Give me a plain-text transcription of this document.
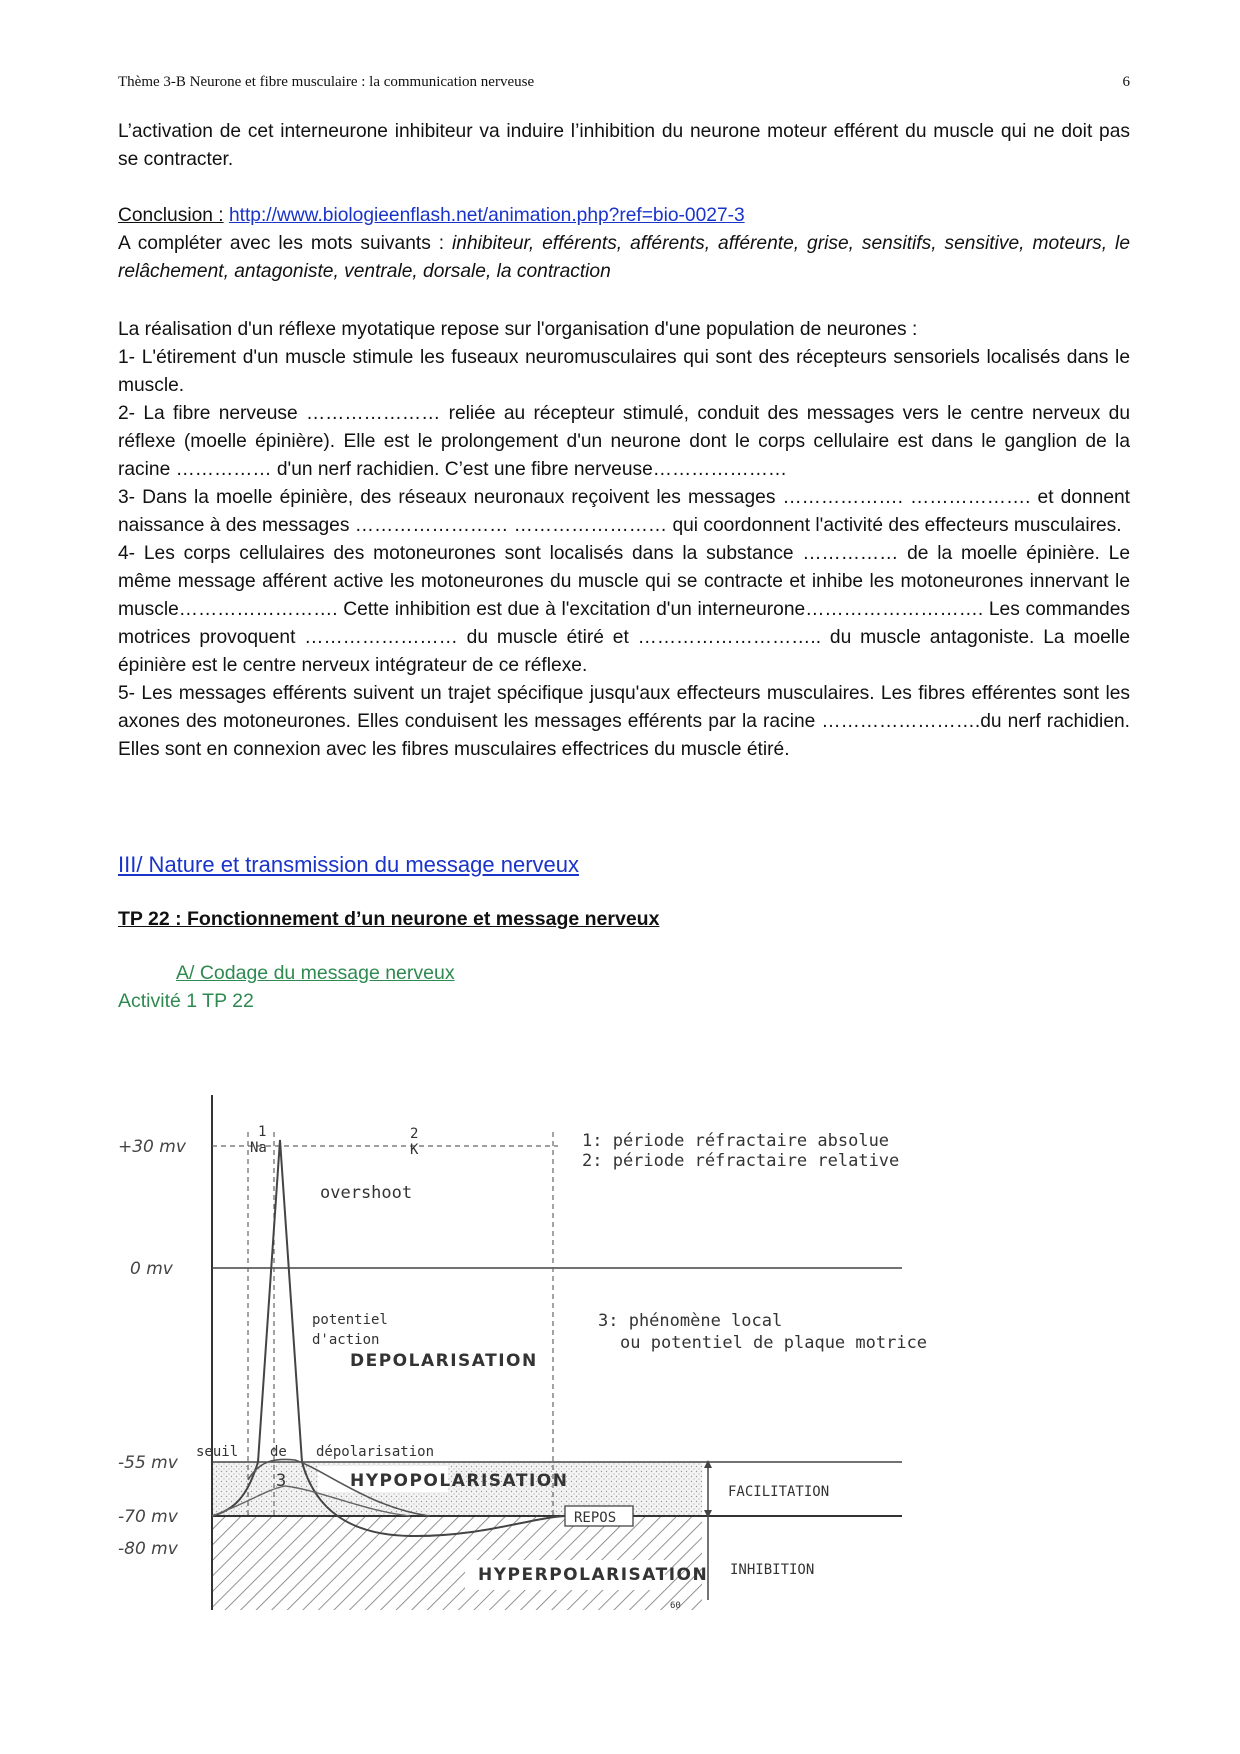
Thème 3-B Neurone et fibre musculaire : la communication nerveuse	6

L’activation de cet interneurone inhibiteur va induire l’inhibition du neurone moteur efférent du muscle qui ne doit pas se contracter.

Conclusion : http://www.biologieenflash.net/animation.php?ref=bio-0027-3

A compléter avec les mots suivants : inhibiteur, efférents, afférents, afférente, grise, sensitifs, sensitive, moteurs, le relâchement, antagoniste, ventrale, dorsale, la contraction

La réalisation d'un réflexe myotatique repose sur l'organisation d'une population de neurones :

1- L'étirement d'un muscle stimule les fuseaux neuromusculaires qui sont des récepteurs sensoriels localisés dans le muscle.

2- La fibre nerveuse ………………… reliée au récepteur stimulé, conduit des messages vers le centre nerveux du réflexe (moelle épinière). Elle est le prolongement d'un neurone dont le corps cellulaire est dans le ganglion de la racine …………… d'un nerf rachidien. C’est une fibre nerveuse…………………

3- Dans la moelle épinière, des réseaux neuronaux reçoivent les messages ………………. ………………. et donnent naissance à des messages …………………… …………………… qui coordonnent l'activité des effecteurs musculaires.

4- Les corps cellulaires des motoneurones sont localisés dans la substance …………… de la moelle épinière. Le même message afférent active les motoneurones du muscle qui se contracte et inhibe les motoneurones innervant le muscle……………………. Cette inhibition est due à l'excitation d'un interneurone………………………. Les commandes motrices provoquent …………………… du muscle étiré et ……………………….. du muscle antagoniste. La moelle épinière est le centre nerveux intégrateur de ce réflexe.

5- Les messages efférents suivent un trajet spécifique jusqu'aux effecteurs musculaires. Les fibres efférentes sont les axones des motoneurones. Elles conduisent les messages efférents par la racine …………………….du nerf rachidien. Elles sont en connexion avec les fibres musculaires effectrices du muscle étiré.

III/ Nature et transmission du message nerveux
TP 22 : Fonctionnement d’un neurone et message nerveux
A/ Codage du message nerveux
Activité 1 TP 22
+30 mv
0 mv
-55 mv
-70 mv
-80 mv
1
Na
2
K	1: période réfractaire absolue
2: période réfractaire relative
overshoot
potentiel
d'action
DEPOLARISATION
3: phénomène local
ou potentiel de plaque motrice
seuil de dépolarisation
3	HYPOPOLARISATION
FACILITATION
REPOS
HYPERPOLARISATION INHIBITION
60
